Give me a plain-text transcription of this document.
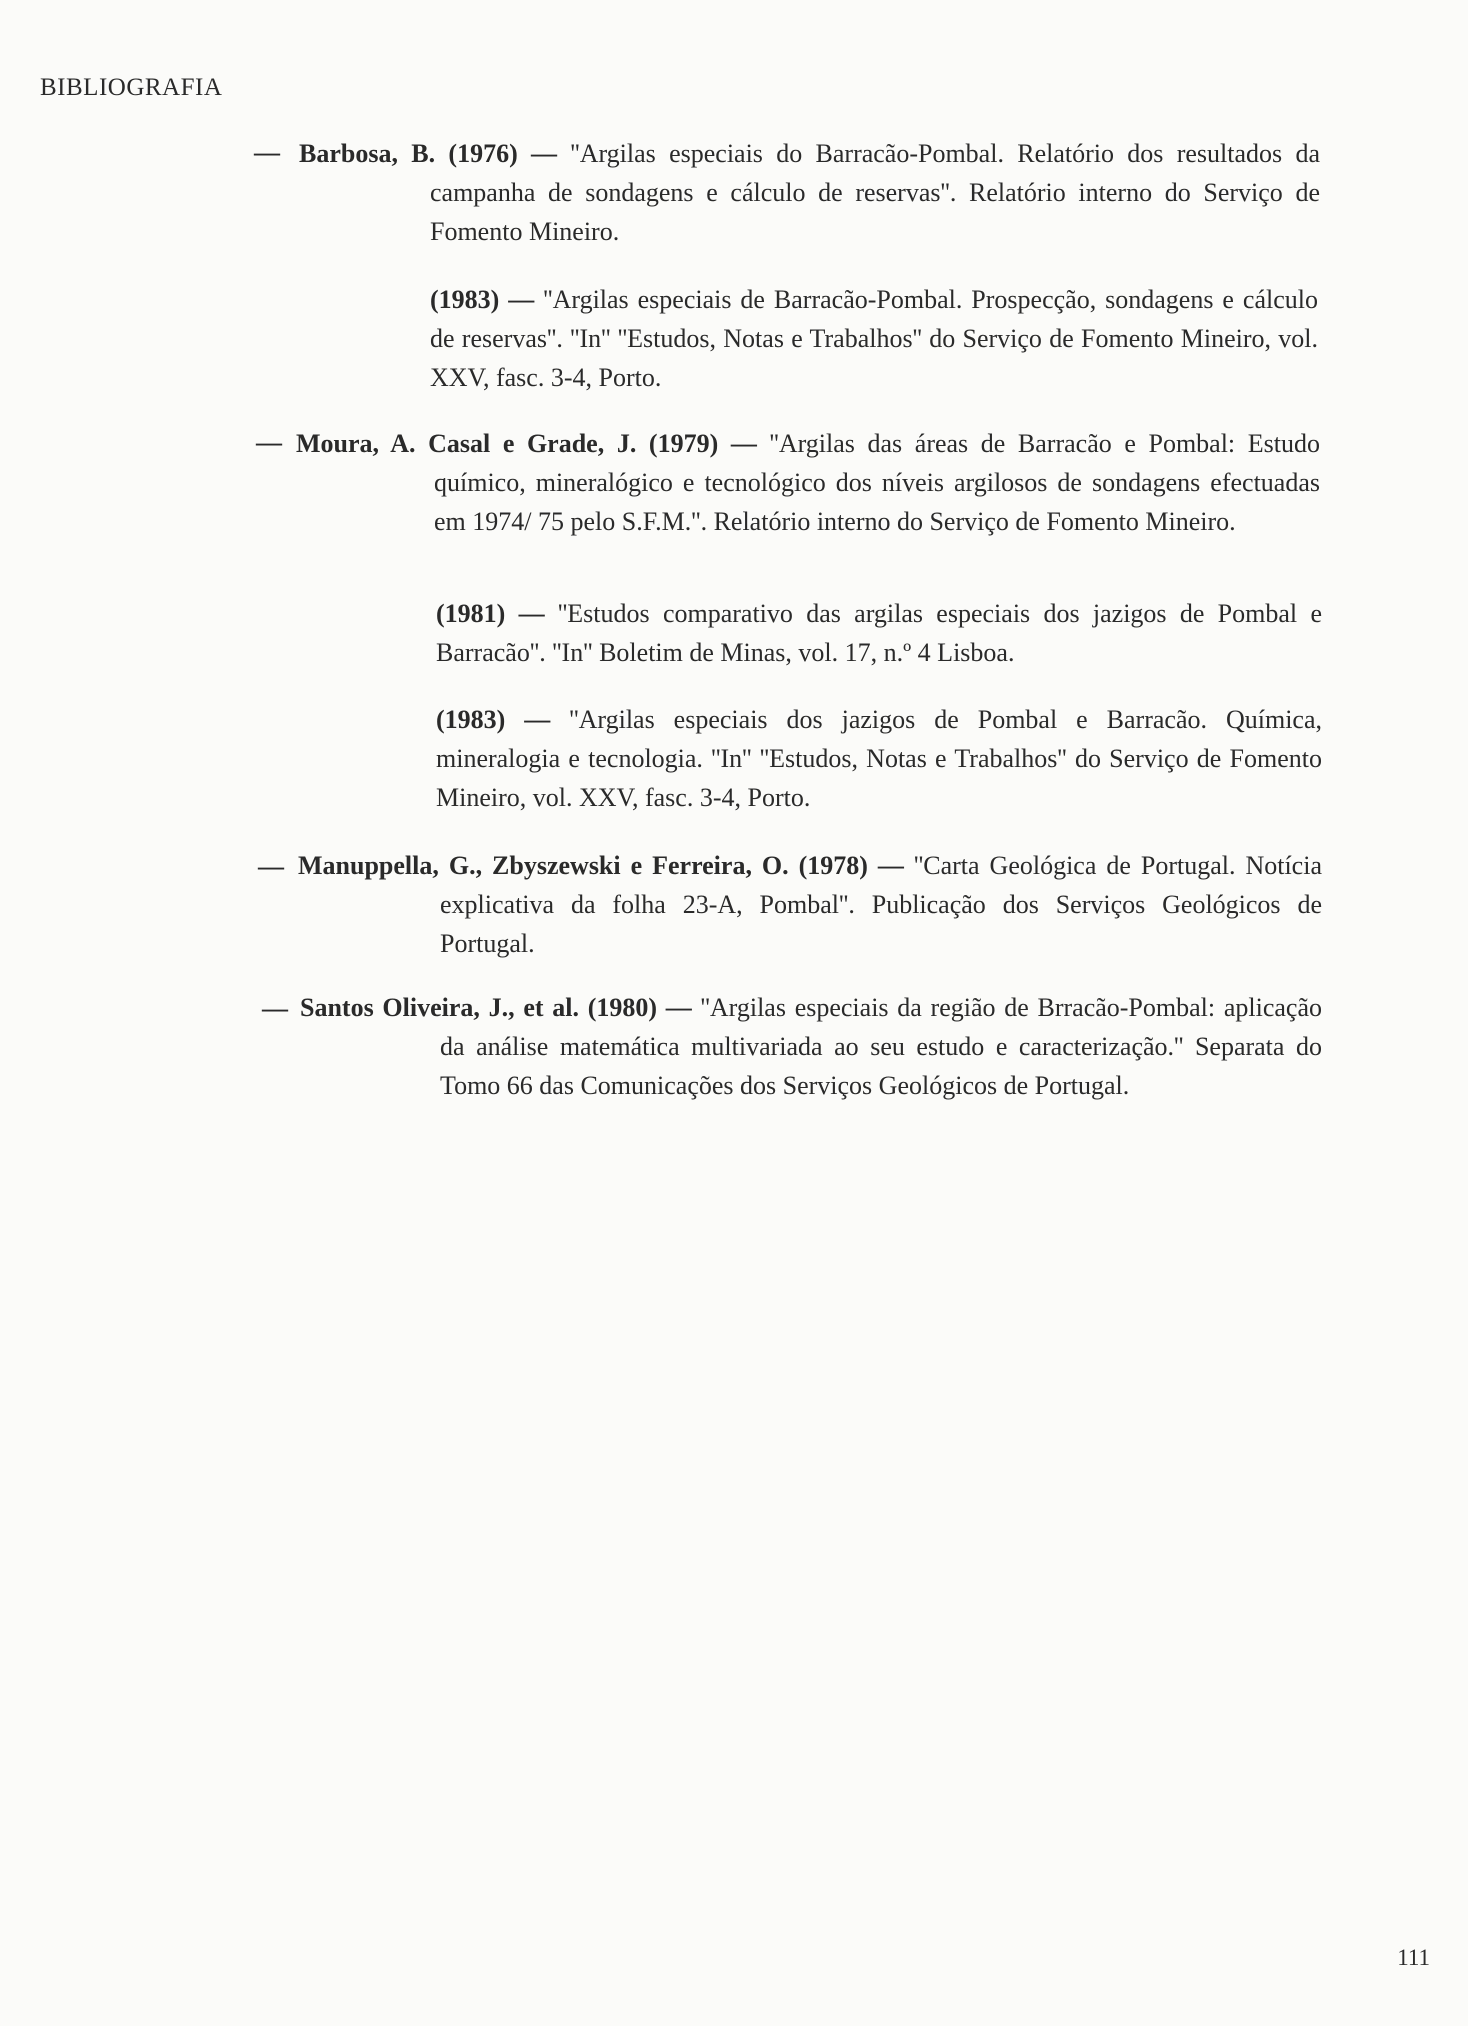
BIBLIOGRAFIA
— Barbosa, B. (1976) — ''Argilas especiais do Barracão-Pombal. Relatório dos resultados da campanha de sondagens e cálculo de reservas''. Relatório interno do Serviço de Fomento Mineiro.
(1983) — ''Argilas especiais de Barracão-Pombal. Prospecção, sondagens e cálculo de reservas''. ''In'' ''Estudos, Notas e Trabalhos'' do Serviço de Fomento Mineiro, vol. XXV, fasc. 3-4, Porto.
— Moura, A. Casal e Grade, J. (1979) — ''Argilas das áreas de Barracão e Pombal: Estudo químico, mineralógico e tecnológico dos níveis argilosos de sondagens efectuadas em 1974/ 75 pelo S.F.M.''. Relatório interno do Serviço de Fomento Mineiro.
(1981) — ''Estudos comparativo das argilas especiais dos jazigos de Pombal e Barracão''. ''In'' Boletim de Minas, vol. 17, n.º 4 Lisboa.
(1983) — ''Argilas especiais dos jazigos de Pombal e Barracão. Química, mineralogia e tecnologia. ''In'' ''Estudos, Notas e Trabalhos'' do Serviço de Fomento Mineiro, vol. XXV, fasc. 3-4, Porto.
— Manuppella, G., Zbyszewski e Ferreira, O. (1978) — ''Carta Geológica de Portugal. Notícia explicativa da folha 23-A, Pombal''. Publicação dos Serviços Geológicos de Portugal.
— Santos Oliveira, J., et al. (1980) — ''Argilas especiais da região de Brracão-Pombal: aplicação da análise matemática multivariada ao seu estudo e caracterização.'' Separata do Tomo 66 das Comunicações dos Serviços Geológicos de Portugal.
111
